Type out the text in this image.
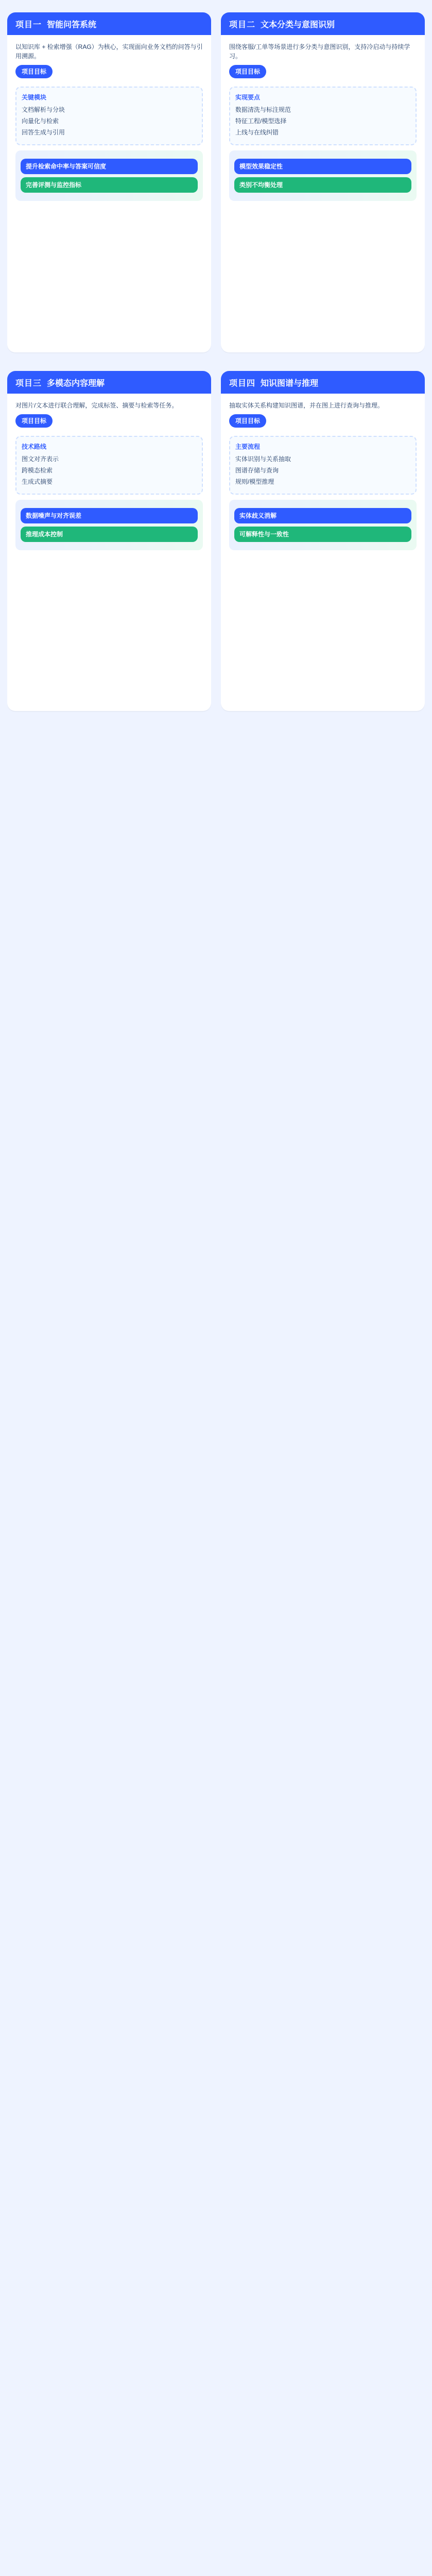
项目一 智能问答系统
以知识库 + 检索增强（RAG）为核心，实现面向业务文档的问答与引用溯源。
项目目标
关键模块
文档解析与分块
向量化与检索
回答生成与引用
提升检索命中率与答案可信度
完善评测与监控指标
项目二 文本分类与意图识别
围绕客服/工单等场景进行多分类与意图识别，支持冷启动与持续学习。
项目目标
实现要点
数据清洗与标注规范
特征工程/模型选择
上线与在线纠错
模型效果稳定性
类别不均衡处理
项目三 多模态内容理解
对图片/文本进行联合理解，完成标签、摘要与检索等任务。
项目目标
技术路线
图文对齐表示
跨模态检索
生成式摘要
数据噪声与对齐误差
推理成本控制
项目四 知识图谱与推理
抽取实体关系构建知识图谱，并在图上进行查询与推理。
项目目标
主要流程
实体识别与关系抽取
图谱存储与查询
规则/模型推理
实体歧义消解
可解释性与一致性
